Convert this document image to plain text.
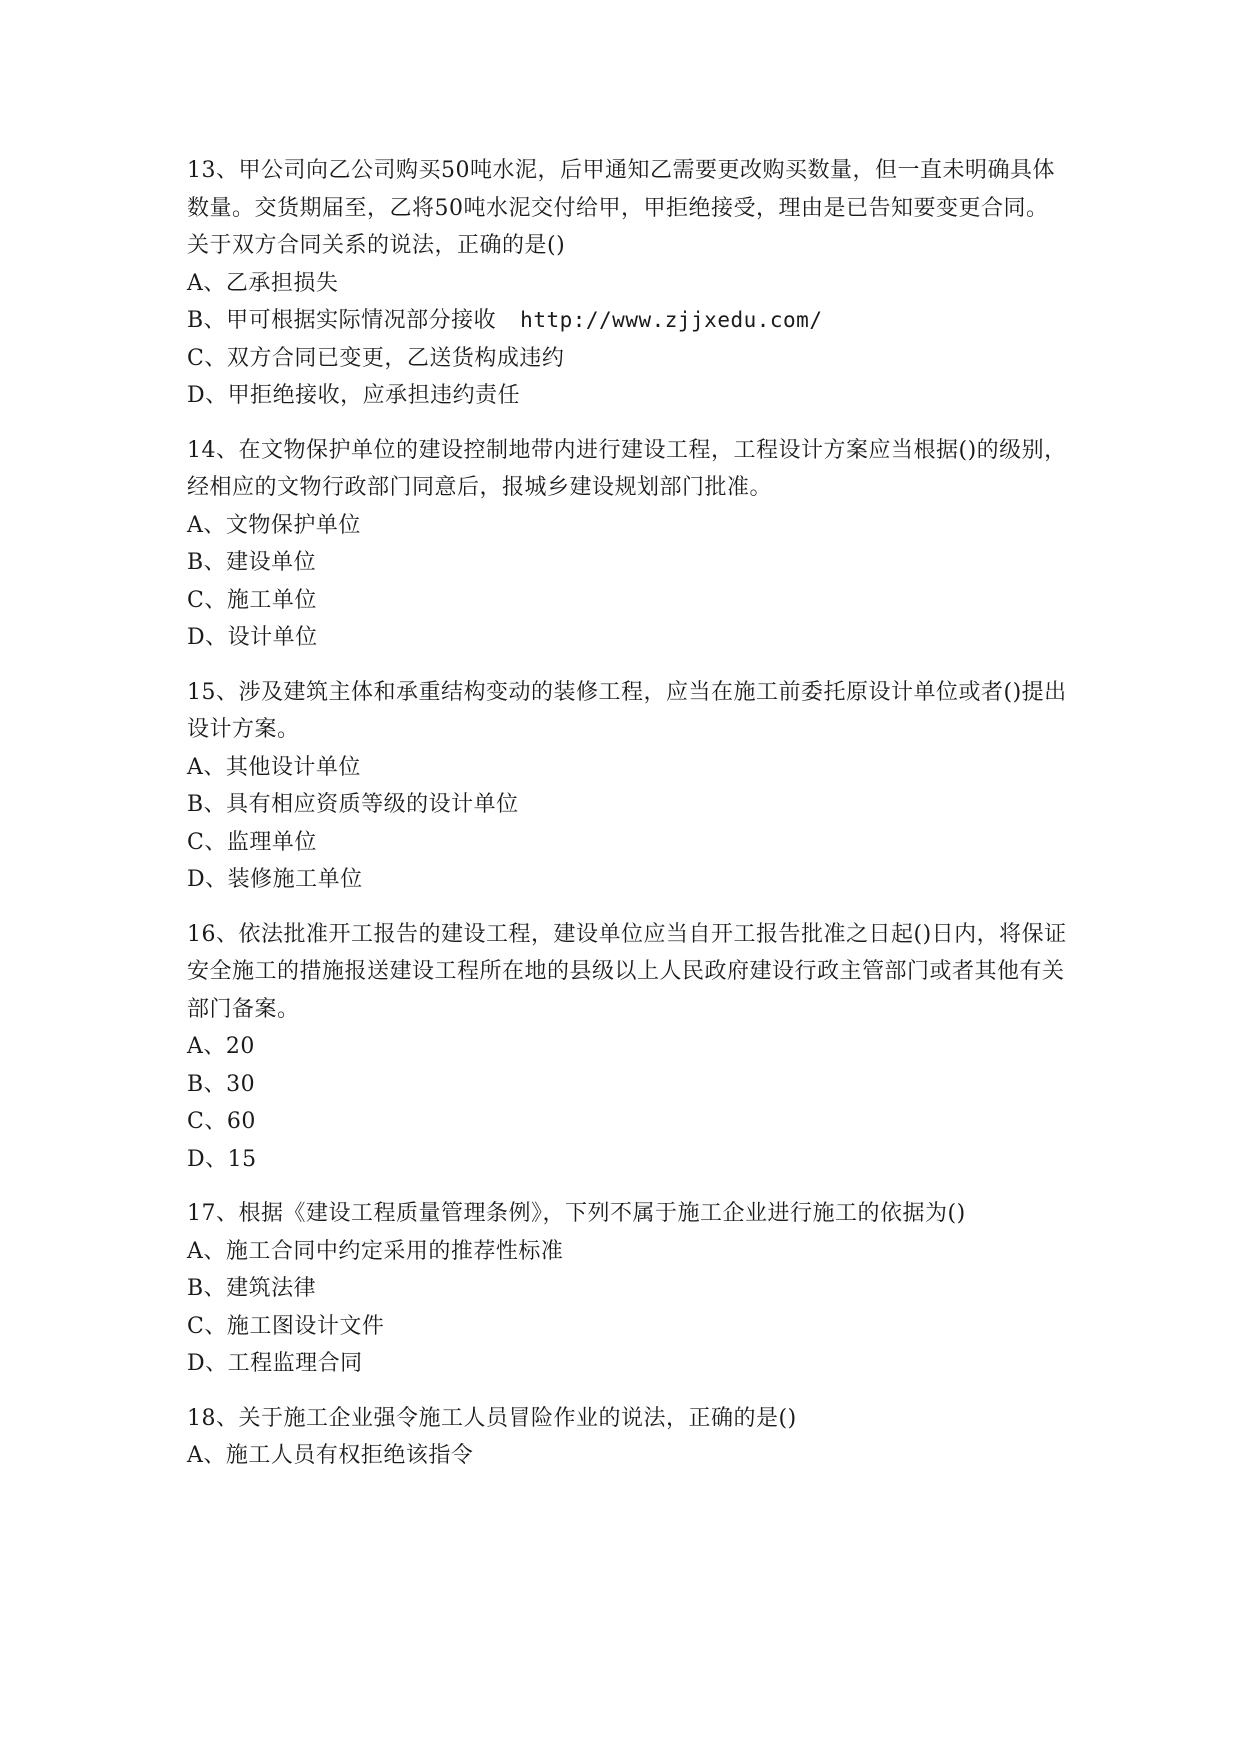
13、甲公司向乙公司购买50吨水泥，后甲通知乙需要更改购买数量，但一直未明确具体数量。交货期届至，乙将50吨水泥交付给甲，甲拒绝接受，理由是已告知要变更合同。关于双方合同关系的说法，正确的是()

A、乙承担损失

B、甲可根据实际情况部分接收 http://www.zjjxedu.com/

C、双方合同已变更，乙送货构成违约

D、甲拒绝接收，应承担违约责任

14、在文物保护单位的建设控制地带内进行建设工程，工程设计方案应当根据()的级别，经相应的文物行政部门同意后，报城乡建设规划部门批准。

A、文物保护单位

B、建设单位

C、施工单位

D、设计单位

15、涉及建筑主体和承重结构变动的装修工程，应当在施工前委托原设计单位或者()提出设计方案。

A、其他设计单位

B、具有相应资质等级的设计单位

C、监理单位

D、装修施工单位

16、依法批准开工报告的建设工程，建设单位应当自开工报告批准之日起()日内，将保证安全施工的措施报送建设工程所在地的县级以上人民政府建设行政主管部门或者其他有关部门备案。

A、20

B、30

C、60

D、15

17、根据《建设工程质量管理条例》，下列不属于施工企业进行施工的依据为()

A、施工合同中约定采用的推荐性标准

B、建筑法律

C、施工图设计文件

D、工程监理合同

18、关于施工企业强令施工人员冒险作业的说法，正确的是()

A、施工人员有权拒绝该指令
